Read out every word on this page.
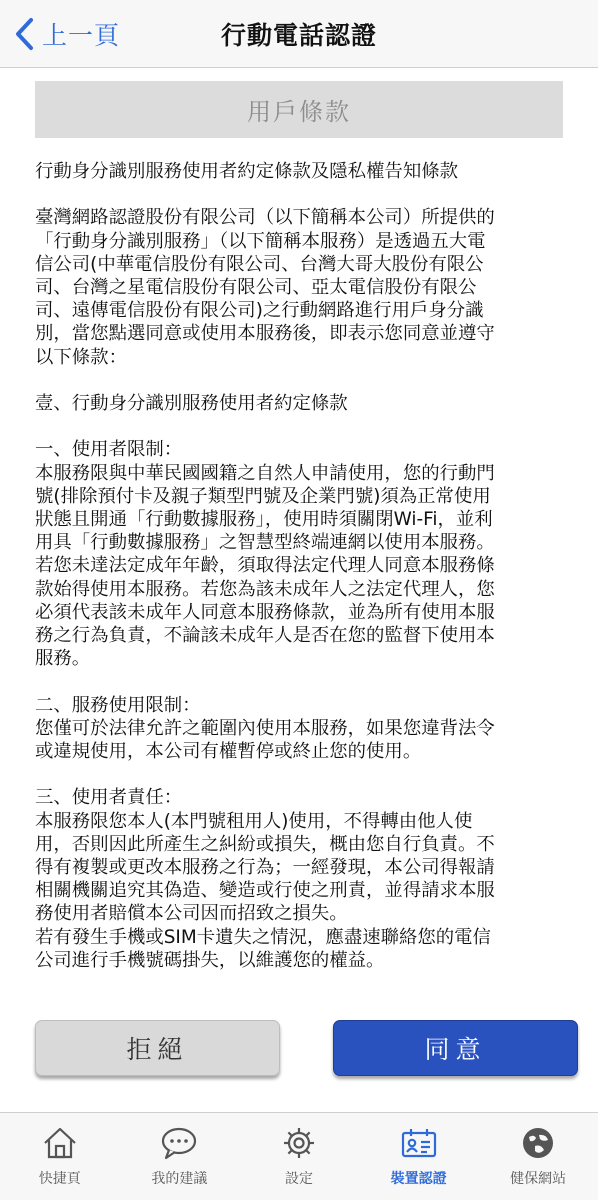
上一頁	行動電話認證
用戶條款

行動身分識別服務使用者約定條款及隱私權告知條款

臺灣網路認證股份有限公司（以下簡稱本公司）所提供的

「行動身分識別服務」（以下簡稱本服務）是透過五大電

信公司(中華電信股份有限公司、台灣大哥大股份有限公

司、台灣之星電信股份有限公司、亞太電信股份有限公

司、遠傳電信股份有限公司)之行動網路進行用戶身分識

別，當您點選同意或使用本服務後，即表示您同意並遵守

以下條款：

壹、行動身分識別服務使用者約定條款

一、使用者限制：

本服務限與中華民國國籍之自然人申請使用，您的行動門

號(排除預付卡及親子類型門號及企業門號)須為正常使用

狀態且開通「行動數據服務」，使用時須關閉Wi-Fi，並利

用具「行動數據服務」之智慧型終端連網以使用本服務。

若您未達法定成年年齡，須取得法定代理人同意本服務條

款始得使用本服務。若您為該未成年人之法定代理人，您

必須代表該未成年人同意本服務條款，並為所有使用本服

務之行為負責，不論該未成年人是否在您的監督下使用本

服務。

二、服務使用限制：

您僅可於法律允許之範圍內使用本服務，如果您違背法令

或違規使用，本公司有權暫停或終止您的使用。

三、使用者責任：

本服務限您本人(本門號租用人)使用，不得轉由他人使

用，否則因此所產生之糾紛或損失，概由您自行負責。不

得有複製或更改本服務之行為；一經發現，本公司得報請

相關機關追究其偽造、變造或行使之刑責，並得請求本服

務使用者賠償本公司因而招致之損失。

若有發生手機或SIM卡遺失之情況，應盡速聯絡您的電信

公司進行手機號碼掛失，以維護您的權益。

拒絕	同意
快捷頁	我的建議	設定	裝置認證	健保網站
